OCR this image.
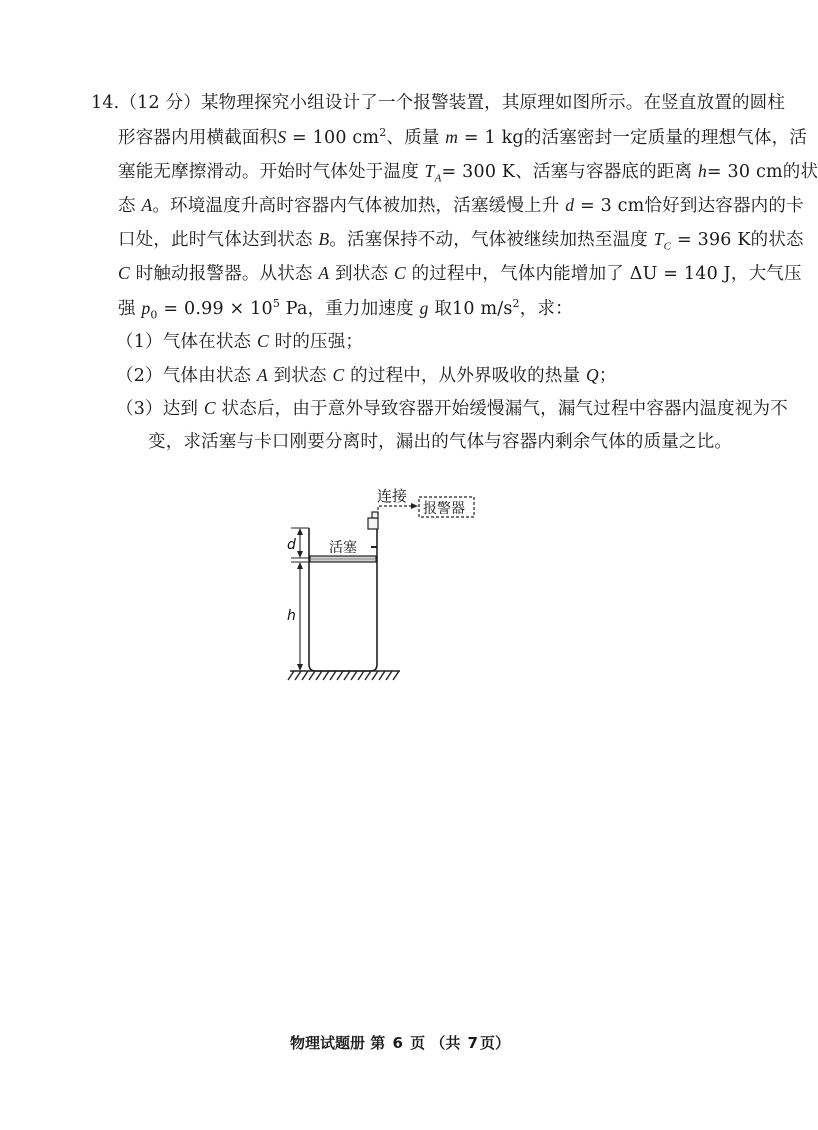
14.（12 分）某物理探究小组设计了一个报警装置，其原理如图所示。在竖直放置的圆柱
形容器内用横截面积S = 100 $cm^2$、质量 m = 1 kg的活塞密封一定质量的理想气体，活
塞能无摩擦滑动。开始时气体处于温度 $T_A= 300$ K、活塞与容器底的距离 h= 30 cm的状
态 A。环境温度升高时容器内气体被加热，活塞缓慢上升 d = 3 cm恰好到达容器内的卡
口处，此时气体达到状态 B。活塞保持不动，气体被继续加热至温度 $T_C = 396$ K的状态
C 时触动报警器。从状态 A 到状态 C 的过程中，气体内能增加了 ΔU = 140 J，大气压
强 $p_0 = 0.99 \times 10^5$ Pa，重力加速度 g 取10 $m/s^2$，求：
（1）气体在状态 C 时的压强；
（2）气体由状态 A 到状态 C 的过程中，从外界吸收的热量 Q；
（3）达到 C 状态后，由于意外导致容器开始缓慢漏气，漏气过程中容器内温度视为不
变，求活塞与卡口刚要分离时，漏出的气体与容器内剩余气体的质量之比。
连接
报警器
活塞
d
h
物理试题册 第 6 页 （共 7 页）
